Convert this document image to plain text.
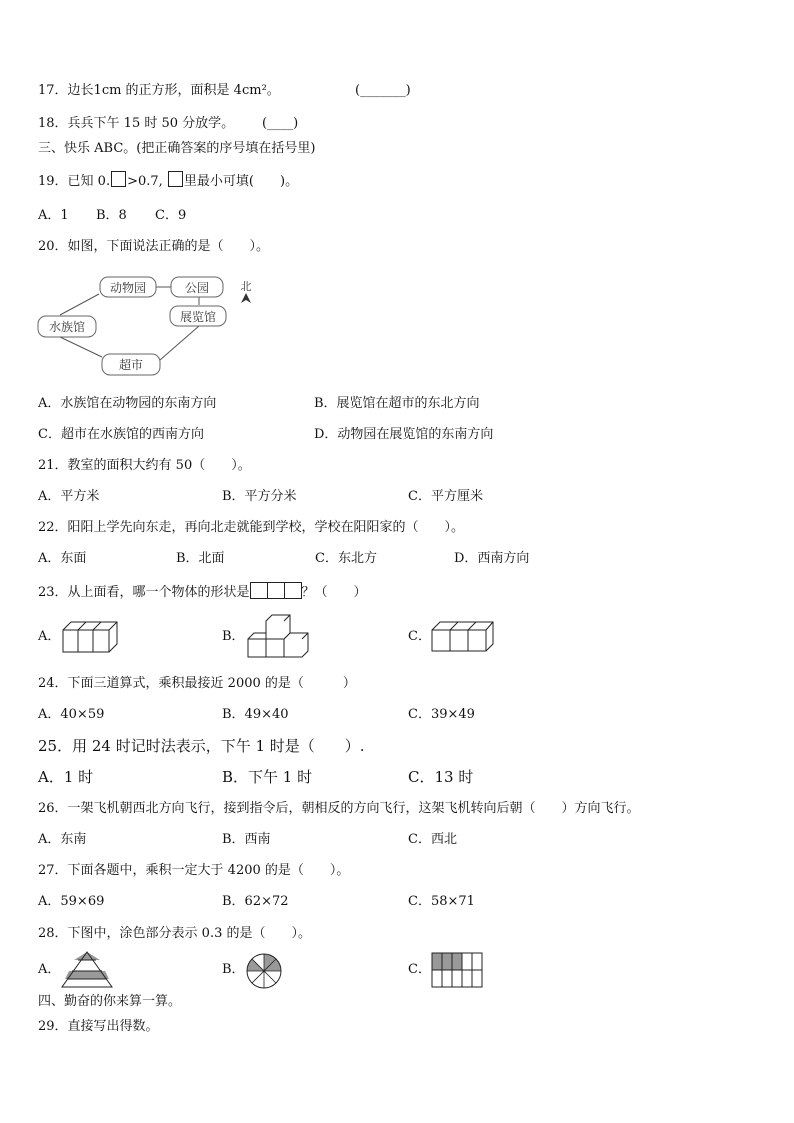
17．边长1cm 的正方形，面积是 4cm²。	(_______)
18．兵兵下午 15 时 50 分放学。 (____)
三、快乐 ABC。(把正确答案的序号填在括号里)
19．已知 0. >0.7, 里最小可填(　　)。
A．1 B．8 C．9
20．如图，下面说法正确的是（　　）。
动物园	公园
展览馆
水族馆
超市
北
A．水族馆在动物园的东南方向	B．展览馆在超市的东北方向
C．超市在水族馆的西南方向	D．动物园在展览馆的东南方向
21．教室的面积大约有 50（　　）。
A．平方米	B．平方分米	C．平方厘米
22．阳阳上学先向东走，再向北走就能到学校，学校在阳阳家的（　　）。
A．东面	B．北面	C．东北方	D．西南方向
23．从上面看，哪一个物体的形状是	？（　　）
A．	B．	C．
24．下面三道算式，乘积最接近 2000 的是（　　　）
A．40×59	B．49×40	C．39×49
25．用 24 时记时法表示，下午 1 时是（　　）.
A．1 时	B．下午 1 时	C．13 时
26．一架飞机朝西北方向飞行，接到指令后，朝相反的方向飞行，这架飞机转向后朝（　　）方向飞行。
A．东南	B．西南	C．西北
27．下面各题中，乘积一定大于 4200 的是（　　）。
A．59×69	B．62×72	C．58×71
28．下图中，涂色部分表示 0.3 的是（　　）。
A．	B．	C．
四、勤奋的你来算一算。
29．直接写出得数。
